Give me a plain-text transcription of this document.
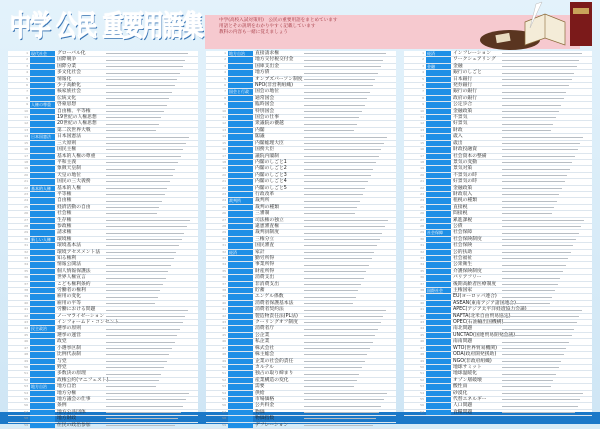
中学 公民 重要用語集	中学(高校入試対策用)　公民の重要用語をまとめています
用語とその説明をわかりやすく記載しています
教科の内容も一緒に覚えましょう
1 現代社会	グローバル化
2	国際競争
3	国際分業
4	多文化社会
5	情報化
6	少子高齢化
7	核家族社会
8	伝統文化
9 人権の尊重	啓蒙思想
10	自由権、平等権
11	19世紀の人権思想
12	20世紀の人権思想
13	第二次世界大戦
14 日本国憲法	日本国憲法
15	三大原則
16	国民主権
17	基本的人権の尊重
18	平和主義
19	象徴天皇制
20	天皇の地位
21	国民の三大義務
22 基本的人権	基本的人権
23	平等権
24	自由権
25	経済活動の自由
26	社会権
27	生存権
28	参政権
29	請求権
30 新しい人権	環境権
31	環境基本法
32	環境アセスメント法
33	知る権利
34	情報公開法
35	個人情報保護法
36	世界人権宣言
37	こども権利条約
38	労働者の権利
39	雇用の変化
40	雇用の平等
41	労働における問題
42	ノーマライゼーション
43	インフォームド・コンセント
44 民主政治	選挙の原則
45	選挙の運営
46	政党
47	小選挙区制
48	比例代表制
49	与党
50	野党
51	多数決の原理
52	政権公約(マニフェスト)
53 地方自治	地方自治
54	地方分権
55	地方議会の仕事
56	条例
57	地方公共団体
58	地方財政
59	住民の政治参加
1 地方自治	直接請求権
2	地方交付税交付金
3	国庫支出金
4	地方債
5	オンブズパーソン制度
6	NPO(非営利組織)
7 国会と行政	国会の地位
8	通常国会
9	臨時国会
10	特別国会
11	国会の仕事
12	衆議院の優越
13	内閣
14	閣議
15	内閣総理大臣
16	国務大臣
17	議院内閣制
18	内閣のしごと1
19	内閣のしごと2
20	内閣のしごと3
21	内閣のしごと4
22	内閣のしごと5
23	行政改革
24 裁判所	裁判所
25	裁判の種類
26	三審制
27	司法権の独立
28	違憲審査権
29	裁判員制度
30	三権分立
31	国民審査
32 経済	家計
33	勤労所得
34	事業所得
35	財産所得
36	消費支出
37	非消費支出
38	貯蓄
39	エンゲル係数
40	消費者保護基本法
41	消費者契約法
42	製造物責任法(PL法)
43	クーリングオフ制度
44	消費者庁
45	公企業
46	私企業
47	株式会社
48	株主総会
49	企業の社会的責任
50	カルテル
51	独占の取り締まり
52	産業構造の変化
53	需要
54	供給
55	市場価格
56	公共料金
57	物価
58	物価指数
59	デフレーション
1 経済	インフレーション
2	ワークシェアリング
3 金融	金融
4	銀行のしごと
5	日本銀行
6	発券銀行
7	銀行の銀行
8	政府の銀行
9	公定歩合
10	金融政策
11	不景気
12	好景気
13	財政
14	歳入
15	歳出
16	財政投融資
17	社会資本の整備
18	景気の変動
19	景気対策
20	不景気の時
21	好景気の時
22	金融政策
23	財政収入
24	租税の種類
25	直接税
26	間接税
27	累進課税
28	公債
29 社会保障	社会保障
30	社会保険制度
31	社会保険
32	公的扶助
33	社会福祉
34	公衆衛生
35	介護保険制度
36	バリアフリー
37	後期高齢者医療制度
38 国際社会	主権国家
39	EU(ヨーロッパ連合)
40	ASEAN(東南アジア諸国連合)
41	APEC(アジア太平洋経済協力会議)
42	NAFTA(北米自由貿易協定)
43	OPEC(石油輸出国機構)
44	南北問題
45	UNCTAD(国連貿易開発会議)
46	南南問題
47	WTO(世界貿易機関)
48	ODA(政府開発援助)
49	NGO(非政府組織)
50	地球サミット
51	地球温暖化
52	オゾン層破壊
53	酸性雨
54	砂漠化
55	代替エネルギー
56	人口問題
57	食糧問題
